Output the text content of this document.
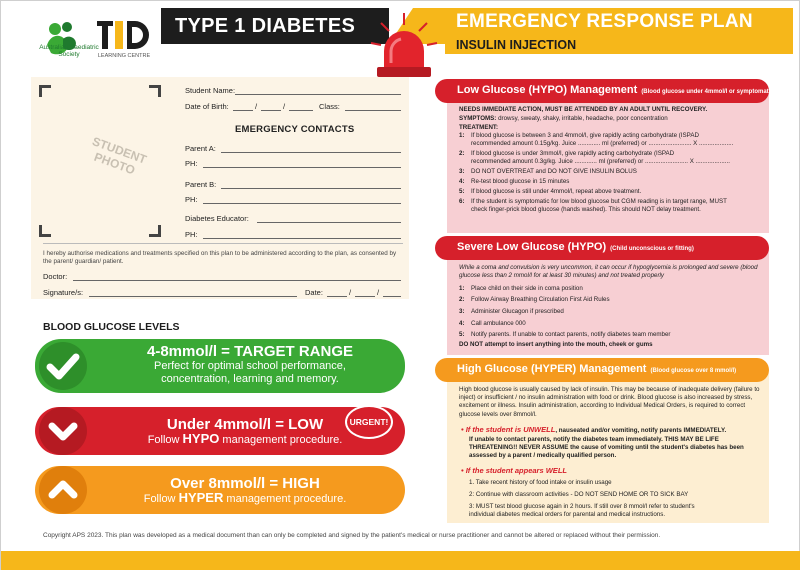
Australian Paediatric Society	LEARNING CENTRE
TYPE 1 DIABETES	EMERGENCY RESPONSE PLAN
INSULIN INJECTION
STUDENT PHOTO
Student Name:
Date of Birth:	/	/	Class:
EMERGENCY CONTACTS
Parent A:
PH:
Parent B:
PH:
Diabetes Educator:
PH:
I hereby authorise medications and treatments specified on this plan to be administered according to the plan, as consented by the parent/ guardian/ patient.
Doctor:
Signature/s:	Date:	/	/
BLOOD GLUCOSE LEVELS
4-8mmol/l = TARGET RANGE
Perfect for optimal school performance,
concentration, learning and memory.
Under 4mmol/l = LOW
Follow HYPO management procedure.
URGENT!
Over 8mmol/l = HIGH
Follow HYPER management procedure.
Low Glucose (HYPO) Management (Blood glucose under 4mmol/l or symptomatic)
NEEDS IMMEDIATE ACTION, MUST BE ATTENDED BY AN ADULT UNTIL RECOVERY.
SYMPTOMS: drowsy, sweaty, shaky, irritable, headache, poor concentration
TREATMENT:
1: If blood glucose is between 3 and 4mmol/l, give rapidly acting carbohydrate (ISPAD
recommended amount 0.15g/kg. Juice ............. ml (preferred) or ......................... X ....................
2: If blood glucose is under 3mmol/l, give rapidly acting carbohydrate (ISPAD
recommended amount 0.3g/kg. Juice ............. ml (preferred) or ......................... X ....................
3: DO NOT OVERTREAT and DO NOT GIVE INSULIN BOLUS
4: Re-test blood glucose in 15 minutes
5: If blood glucose is still under 4mmol/l, repeat above treatment.
6: If the student is symptomatic for low blood glucose but CGM reading is in target range, MUST
check finger-prick blood glucose (hands washed). This should NOT delay treatment.
Severe Low Glucose (HYPO) (Child unconscious or fitting)
While a coma and convulsion is very uncommon, it can occur if hypoglycemia is prolonged and severe (blood glucose less than 2 mmol/l for at least 30 minutes) and not treated properly
1: Place child on their side in coma position
2: Follow Airway Breathing Circulation First Aid Rules
3: Administer Glucagon if prescribed
4: Call ambulance 000
5: Notify parents. If unable to contact parents, notify diabetes team member
DO NOT attempt to insert anything into the mouth, cheek or gums
High Glucose (HYPER) Management (Blood glucose over 8 mmol/l)
High blood glucose is usually caused by lack of insulin. This may be because of inadequate delivery (failure to inject) or insufficient / no insulin administration with food or drink. Blood glucose is also increased by stress, excitement or illness. Insulin administration, according to Individual Medical Orders, is required to correct glucose levels over 8mmol/l.
• If the student is UNWELL, nauseated and/or vomiting, notify parents IMMEDIATELY.
If unable to contact parents, notify the diabetes team immediately. THIS MAY BE LIFE THREATENING!! NEVER ASSUME the cause of vomiting until the student's diabetes has been assessed by a parent / medically qualified person.
• If the student appears WELL
1. Take recent history of food intake or insulin usage
2: Continue with classroom activities - DO NOT SEND HOME OR TO SICK BAY
3: MUST test blood glucose again in 2 hours. If still over 8 mmol/l refer to student's
individual diabetes medical orders for parental and medical instructions.
Copyright APS 2023. This plan was developed as a medical document than can only be completed and signed by the patient's medical or nurse practitioner and cannot be altered or replaced without their permission.
